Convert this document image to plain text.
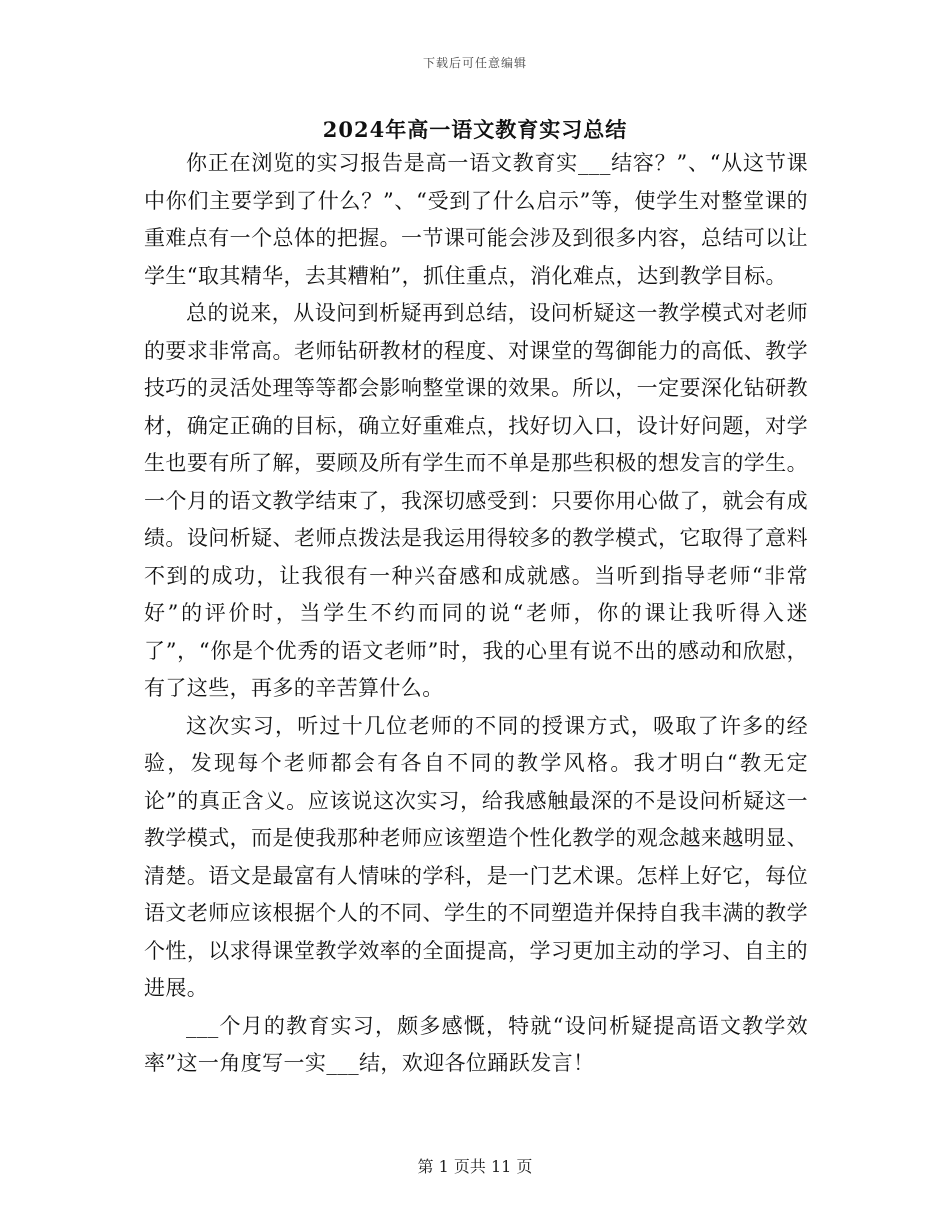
下载后可任意编辑
2024年高一语文教育实习总结

你正在浏览的实习报告是高一语文教育实___结容？”、“从这节课中你们主要学到了什么？”、“受到了什么启示”等，使学生对整堂课的重难点有一个总体的把握。一节课可能会涉及到很多内容，总结可以让学生“取其精华，去其糟粕”，抓住重点，消化难点，达到教学目标。

总的说来，从设问到析疑再到总结，设问析疑这一教学模式对老师的要求非常高。老师钻研教材的程度、对课堂的驾御能力的高低、教学技巧的灵活处理等等都会影响整堂课的效果。所以，一定要深化钻研教材，确定正确的目标，确立好重难点，找好切入口，设计好问题，对学生也要有所了解，要顾及所有学生而不单是那些积极的想发言的学生。一个月的语文教学结束了，我深切感受到：只要你用心做了，就会有成绩。设问析疑、老师点拨法是我运用得较多的教学模式，它取得了意料不到的成功，让我很有一种兴奋感和成就感。当听到指导老师“非常好”的评价时，当学生不约而同的说“老师，你的课让我听得入迷了”，“你是个优秀的语文老师”时，我的心里有说不出的感动和欣慰，有了这些，再多的辛苦算什么。

这次实习，听过十几位老师的不同的授课方式，吸取了许多的经验，发现每个老师都会有各自不同的教学风格。我才明白“教无定论”的真正含义。应该说这次实习，给我感触最深的不是设问析疑这一教学模式，而是使我那种老师应该塑造个性化教学的观念越来越明显、清楚。语文是最富有人情味的学科，是一门艺术课。怎样上好它，每位语文老师应该根据个人的不同、学生的不同塑造并保持自我丰满的教学个性，以求得课堂教学效率的全面提高，学习更加主动的学习、自主的进展。

___个月的教育实习，颇多感慨，特就“设问析疑提高语文教学效率”这一角度写一实___结，欢迎各位踊跃发言！

第 1 页共 11 页
